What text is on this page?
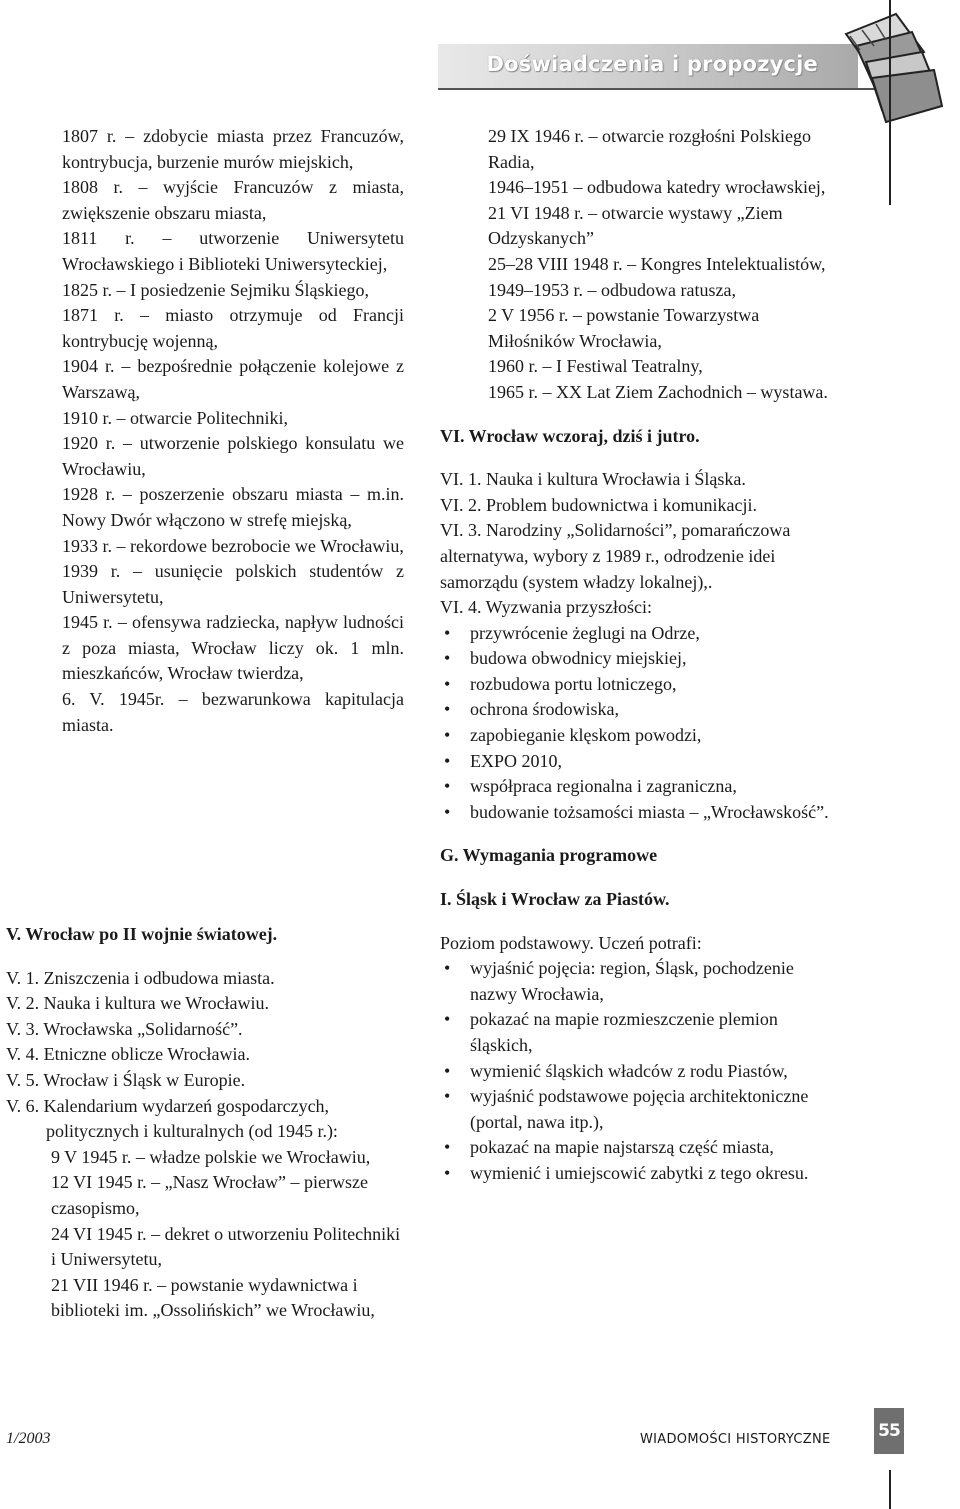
Doświadczenia i propozycje

1807 r. – zdobycie miasta przez Francuzów, kontrybucja, burzenie murów miejskich,

1808 r. – wyjście Francuzów z miasta, zwiększenie obszaru miasta,

1811 r. – utworzenie Uniwersytetu Wrocławskiego i Biblioteki Uniwersyteckiej,

1825 r. – I posiedzenie Sejmiku Śląskiego,

1871 r. – miasto otrzymuje od Francji kontrybucję wojenną,

1904 r. – bezpośrednie połączenie kolejowe z Warszawą,

1910 r. – otwarcie Politechniki,

1920 r. – utworzenie polskiego konsulatu we Wrocławiu,

1928 r. – poszerzenie obszaru miasta – m.in. Nowy Dwór włączono w strefę miejską,

1933 r. – rekordowe bezrobocie we Wrocławiu,

1939 r. – usunięcie polskich studentów z Uniwersytetu,

1945 r. – ofensywa radziecka, napływ ludności z poza miasta, Wrocław liczy ok. 1 mln. mieszkańców, Wrocław twierdza,

6. V. 1945r. – bezwarunkowa kapitulacja miasta.

V. Wrocław po II wojnie światowej.

V. 1. Zniszczenia i odbudowa miasta.

V. 2. Nauka i kultura we Wrocławiu.

V. 3. Wrocławska „Solidarność”.

V. 4. Etniczne oblicze Wrocławia.

V. 5. Wrocław i Śląsk w Europie.

V. 6. Kalendarium wydarzeń gospodarczych, politycznych i kulturalnych (od 1945 r.):

9 V 1945 r. – władze polskie we Wrocławiu,

12 VI 1945 r. – „Nasz Wrocław” – pierwsze czasopismo,

24 VI 1945 r. – dekret o utworzeniu Politechniki i Uniwersytetu,

21 VII 1946 r. – powstanie wydawnictwa i biblioteki im. „Ossolińskich” we Wrocławiu,

29 IX 1946 r. – otwarcie rozgłośni Polskiego Radia,

1946–1951 – odbudowa katedry wrocławskiej,

21 VI 1948 r. – otwarcie wystawy „Ziem Odzyskanych”

25–28 VIII 1948 r. – Kongres Intelektualistów,

1949–1953 r. – odbudowa ratusza,

2 V 1956 r. – powstanie Towarzystwa Miłośników Wrocławia,

1960 r. – I Festiwal Teatralny,

1965 r. – XX Lat Ziem Zachodnich – wystawa.

VI. Wrocław wczoraj, dziś i jutro.

VI. 1. Nauka i kultura Wrocławia i Śląska.

VI. 2. Problem budownictwa i komunikacji.

VI. 3. Narodziny „Solidarności”, pomarańczowa alternatywa, wybory z 1989 r., odrodzenie idei samorządu (system władzy lokalnej),.

VI. 4. Wyzwania przyszłości:

• przywrócenie żeglugi na Odrze,
• budowa obwodnicy miejskiej,
• rozbudowa portu lotniczego,
• ochrona środowiska,
• zapobieganie klęskom powodzi,
• EXPO 2010,
• współpraca regionalna i zagraniczna,
• budowanie tożsamości miasta – „Wrocławskość”.

G. Wymagania programowe

I. Śląsk i Wrocław za Piastów.

Poziom podstawowy. Uczeń potrafi:

• wyjaśnić pojęcia: region, Śląsk, pochodzenie nazwy Wrocławia,
• pokazać na mapie rozmieszczenie plemion śląskich,
• wymienić śląskich władców z rodu Piastów,
• wyjaśnić podstawowe pojęcia architektoniczne (portal, nawa itp.),
• pokazać na mapie najstarszą część miasta,
• wymienić i umiejscowić zabytki z tego okresu.
1/2003	WIADOMOŚCI HISTORYCZNE	55
